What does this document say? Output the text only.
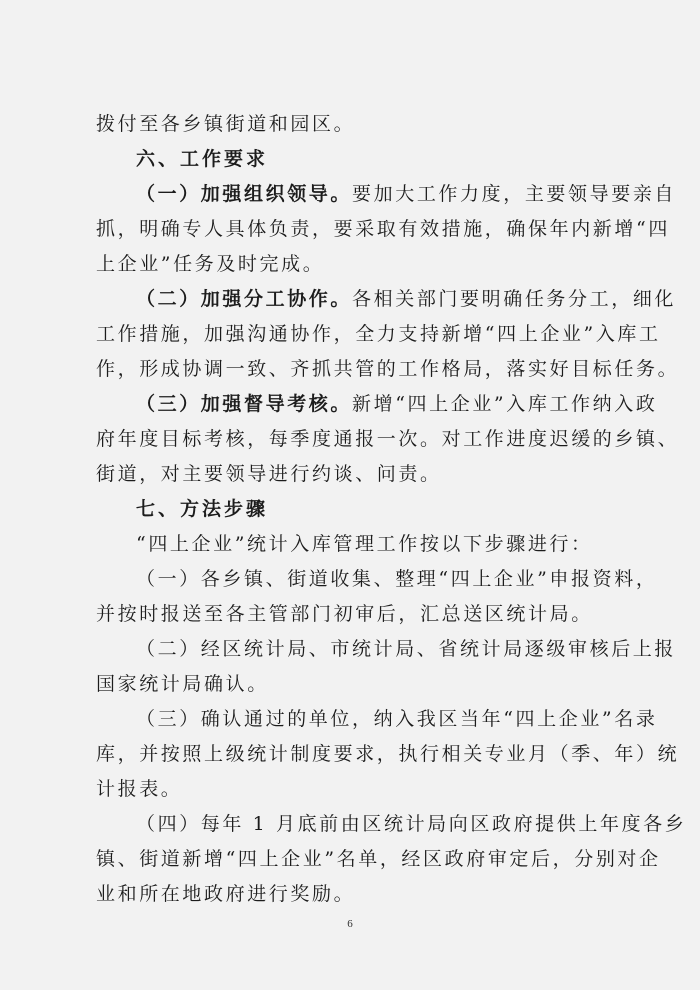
拨付至各乡镇街道和园区。
六、工作要求
（一）加强组织领导。要加大工作力度，主要领导要亲自
抓，明确专人具体负责，要采取有效措施，确保年内新增“四
上企业”任务及时完成。
（二）加强分工协作。各相关部门要明确任务分工，细化
工作措施，加强沟通协作，全力支持新增“四上企业”入库工
作，形成协调一致、齐抓共管的工作格局，落实好目标任务。
（三）加强督导考核。新增“四上企业”入库工作纳入政
府年度目标考核，每季度通报一次。对工作进度迟缓的乡镇、
街道，对主要领导进行约谈、问责。
七、方法步骤
“四上企业”统计入库管理工作按以下步骤进行：
（一）各乡镇、街道收集、整理“四上企业”申报资料，
并按时报送至各主管部门初审后，汇总送区统计局。
（二）经区统计局、市统计局、省统计局逐级审核后上报
国家统计局确认。
（三）确认通过的单位，纳入我区当年“四上企业”名录
库，并按照上级统计制度要求，执行相关专业月（季、年）统
计报表。
（四）每年 1 月底前由区统计局向区政府提供上年度各乡
镇、街道新增“四上企业”名单，经区政府审定后，分别对企
业和所在地政府进行奖励。
6
